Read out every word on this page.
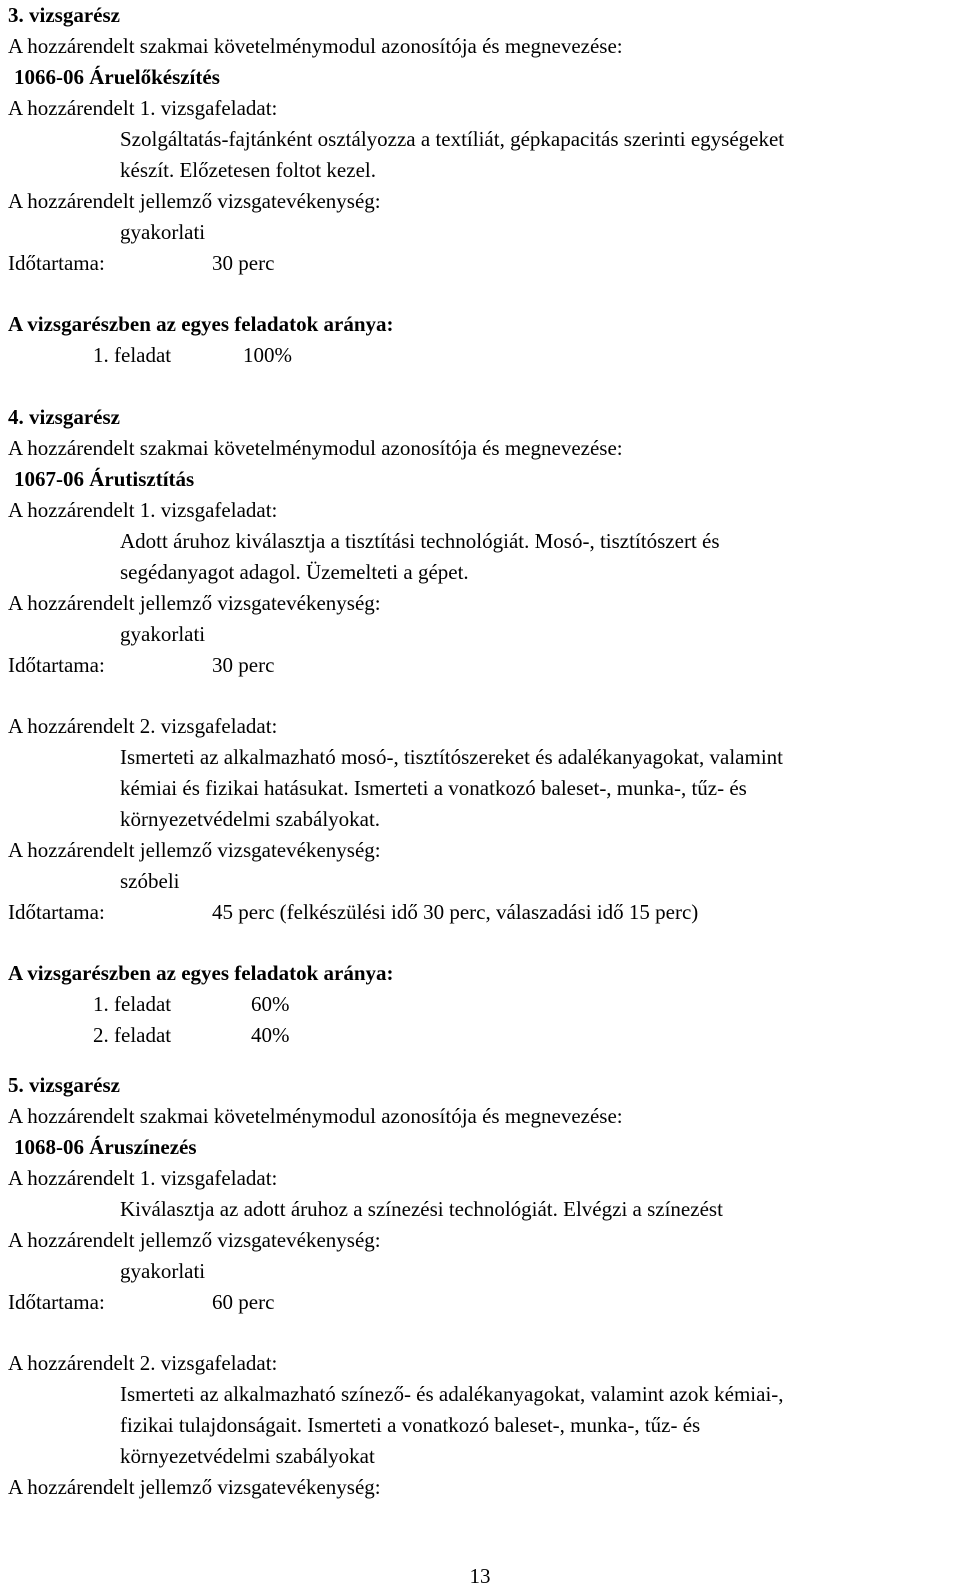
3. vizsgarész
A hozzárendelt szakmai követelménymodul azonosítója és megnevezése:
1066-06 Áruelőkészítés
A hozzárendelt 1. vizsgafeladat:
Szolgáltatás-fajtánként osztályozza a textíliát, gépkapacitás szerinti egységeket
készít. Előzetesen foltot kezel.
A hozzárendelt jellemző vizsgatevékenység:
gyakorlati
Időtartama:	30 perc
A vizsgarészben az egyes feladatok aránya:
1. feladat	100%
4. vizsgarész
A hozzárendelt szakmai követelménymodul azonosítója és megnevezése:
1067-06 Árutisztítás
A hozzárendelt 1. vizsgafeladat:
Adott áruhoz kiválasztja a tisztítási technológiát. Mosó-, tisztítószert és
segédanyagot adagol. Üzemelteti a gépet.
A hozzárendelt jellemző vizsgatevékenység:
gyakorlati
Időtartama:	30 perc
A hozzárendelt 2. vizsgafeladat:
Ismerteti az alkalmazható mosó-, tisztítószereket és adalékanyagokat, valamint
kémiai és fizikai hatásukat. Ismerteti a vonatkozó baleset-, munka-, tűz- és
környezetvédelmi szabályokat.
A hozzárendelt jellemző vizsgatevékenység:
szóbeli
Időtartama:	45 perc (felkészülési idő 30 perc, válaszadási idő 15 perc)
A vizsgarészben az egyes feladatok aránya:
1. feladat	60%
2. feladat	40%
5. vizsgarész
A hozzárendelt szakmai követelménymodul azonosítója és megnevezése:
1068-06 Áruszínezés
A hozzárendelt 1. vizsgafeladat:
Kiválasztja az adott áruhoz a színezési technológiát. Elvégzi a színezést
A hozzárendelt jellemző vizsgatevékenység:
gyakorlati
Időtartama:	60 perc
A hozzárendelt 2. vizsgafeladat:
Ismerteti az alkalmazható színező- és adalékanyagokat, valamint azok kémiai-,
fizikai tulajdonságait. Ismerteti a vonatkozó baleset-, munka-, tűz- és
környezetvédelmi szabályokat
A hozzárendelt jellemző vizsgatevékenység:
13
